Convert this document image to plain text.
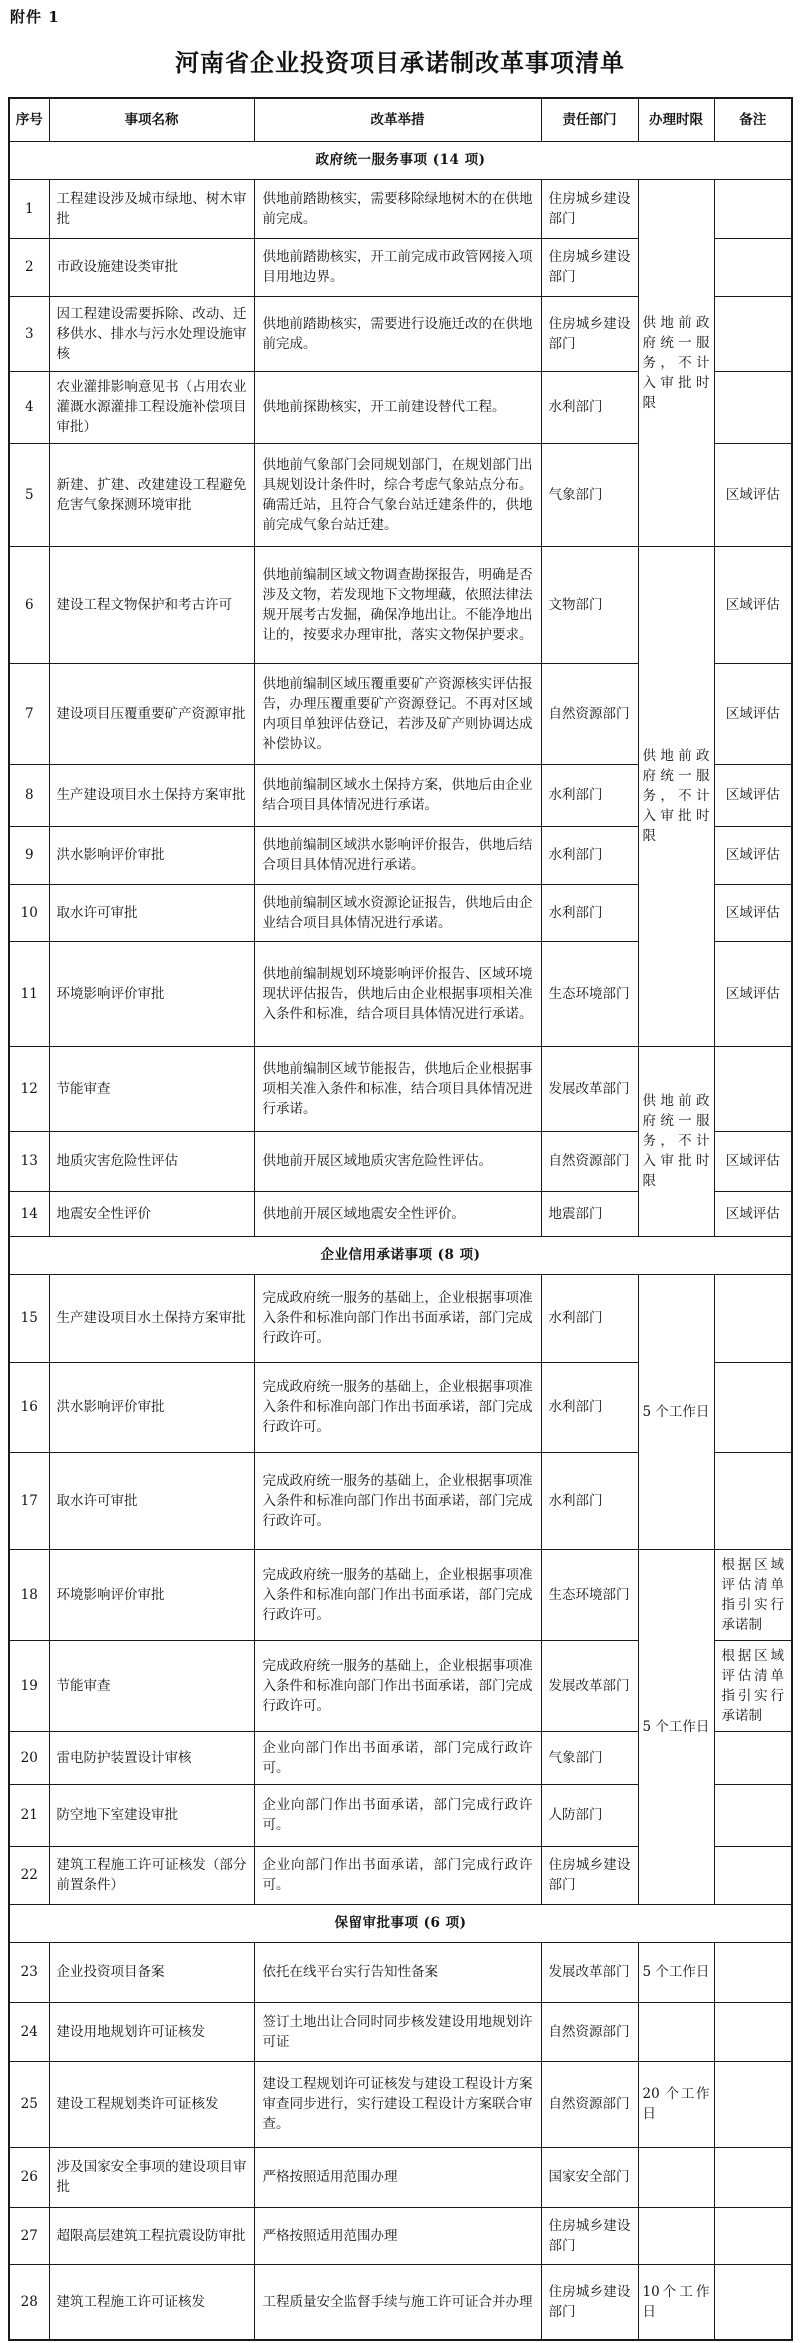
附件 1
河南省企业投资项目承诺制改革事项清单
序号	事项名称	改革举措	责任部门	办理时限	备注
政府统一服务事项 (14 项)					
1	工程建设涉及城市绿地、树木审批	供地前踏勘核实，需要移除绿地树木的在供地前完成。	住房城乡建设部门	供地前政府统一服务，不计入审批时限	
2	市政设施建设类审批	供地前踏勘核实，开工前完成市政管网接入项目用地边界。	住房城乡建设部门		
3	因工程建设需要拆除、改动、迁移供水、排水与污水处理设施审核	供地前踏勘核实，需要进行设施迁改的在供地前完成。	住房城乡建设部门		
4	农业灌排影响意见书（占用农业灌溉水源灌排工程设施补偿项目审批）	供地前探勘核实，开工前建设替代工程。	水利部门		
5	新建、扩建、改建建设工程避免危害气象探测环境审批	供地前气象部门会同规划部门，在规划部门出具规划设计条件时，综合考虑气象站点分布。确需迁站，且符合气象台站迁建条件的，供地前完成气象台站迁建。	气象部门		区域评估
6	建设工程文物保护和考古许可	供地前编制区域文物调查勘探报告，明确是否涉及文物，若发现地下文物埋藏，依照法律法规开展考古发掘，确保净地出让。不能净地出让的，按要求办理审批，落实文物保护要求。	文物部门	供地前政府统一服务，不计入审批时限	区域评估
7	建设项目压覆重要矿产资源审批	供地前编制区域压覆重要矿产资源核实评估报告，办理压覆重要矿产资源登记。不再对区域内项目单独评估登记，若涉及矿产则协调达成补偿协议。	自然资源部门		区域评估
8	生产建设项目水土保持方案审批	供地前编制区域水土保持方案，供地后由企业结合项目具体情况进行承诺。	水利部门		区域评估
9	洪水影响评价审批	供地前编制区域洪水影响评价报告，供地后结合项目具体情况进行承诺。	水利部门		区域评估
10	取水许可审批	供地前编制区域水资源论证报告，供地后由企业结合项目具体情况进行承诺。	水利部门		区域评估
11	环境影响评价审批	供地前编制规划环境影响评价报告、区域环境现状评估报告，供地后由企业根据事项相关准入条件和标准，结合项目具体情况进行承诺。	生态环境部门		区域评估
12	节能审查	供地前编制区域节能报告，供地后企业根据事项相关准入条件和标准，结合项目具体情况进行承诺。	发展改革部门	供地前政府统一服务，不计入审批时限	
13	地质灾害危险性评估	供地前开展区域地质灾害危险性评估。	自然资源部门		区域评估
14	地震安全性评价	供地前开展区域地震安全性评价。	地震部门		区域评估
企业信用承诺事项 (8 项)					
15	生产建设项目水土保持方案审批	完成政府统一服务的基础上，企业根据事项准入条件和标准向部门作出书面承诺，部门完成行政许可。	水利部门	5 个工作日	
16	洪水影响评价审批	完成政府统一服务的基础上，企业根据事项准入条件和标准向部门作出书面承诺，部门完成行政许可。	水利部门		
17	取水许可审批	完成政府统一服务的基础上，企业根据事项准入条件和标准向部门作出书面承诺，部门完成行政许可。	水利部门		
18	环境影响评价审批	完成政府统一服务的基础上，企业根据事项准入条件和标准向部门作出书面承诺，部门完成行政许可。	生态环境部门	5 个工作日	根据区域评估清单指引实行承诺制
19	节能审查	完成政府统一服务的基础上，企业根据事项准入条件和标准向部门作出书面承诺，部门完成行政许可。	发展改革部门		根据区域评估清单指引实行承诺制
20	雷电防护装置设计审核	企业向部门作出书面承诺，部门完成行政许可。	气象部门		
21	防空地下室建设审批	企业向部门作出书面承诺，部门完成行政许可。	人防部门		
22	建筑工程施工许可证核发（部分前置条件）	企业向部门作出书面承诺，部门完成行政许可。	住房城乡建设部门		
保留审批事项 (6 项)					
23	企业投资项目备案	依托在线平台实行告知性备案	发展改革部门	5 个工作日	
24	建设用地规划许可证核发	签订土地出让合同时同步核发建设用地规划许可证	自然资源部门		
25	建设工程规划类许可证核发	建设工程规划许可证核发与建设工程设计方案审查同步进行，实行建设工程设计方案联合审查。	自然资源部门	20 个工作日	
26	涉及国家安全事项的建设项目审批	严格按照适用范围办理	国家安全部门		
27	超限高层建筑工程抗震设防审批	严格按照适用范围办理	住房城乡建设部门		
28	建筑工程施工许可证核发	工程质量安全监督手续与施工许可证合并办理	住房城乡建设部门	10个工作日	
